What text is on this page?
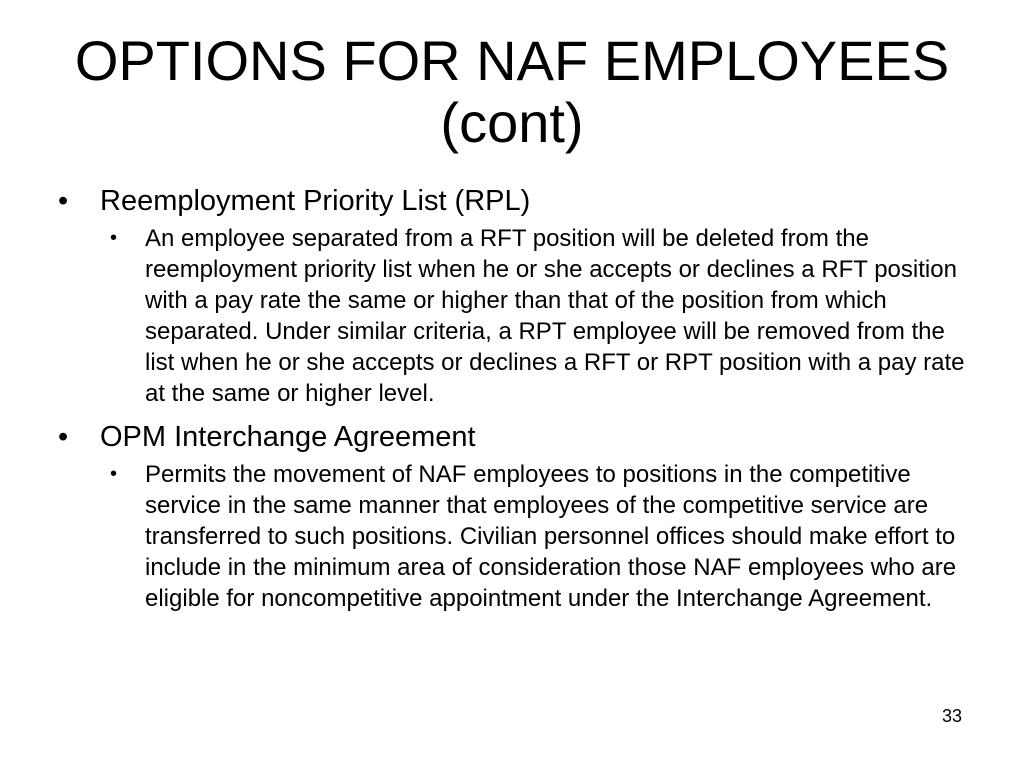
OPTIONS FOR NAF EMPLOYEES
(cont)
• Reemployment Priority List (RPL)
• An employee separated from a RFT position will be deleted from the reemployment priority list when he or she accepts or declines a RFT position with a pay rate the same or higher than that of the position from which separated. Under similar criteria, a RPT employee will be removed from the list when he or she accepts or declines a RFT or RPT position with a pay rate at the same or higher level.
• OPM Interchange Agreement
• Permits the movement of NAF employees to positions in the competitive service in the same manner that employees of the competitive service are transferred to such positions. Civilian personnel offices should make effort to include in the minimum area of consideration those NAF employees who are eligible for noncompetitive appointment under the Interchange Agreement.
33
